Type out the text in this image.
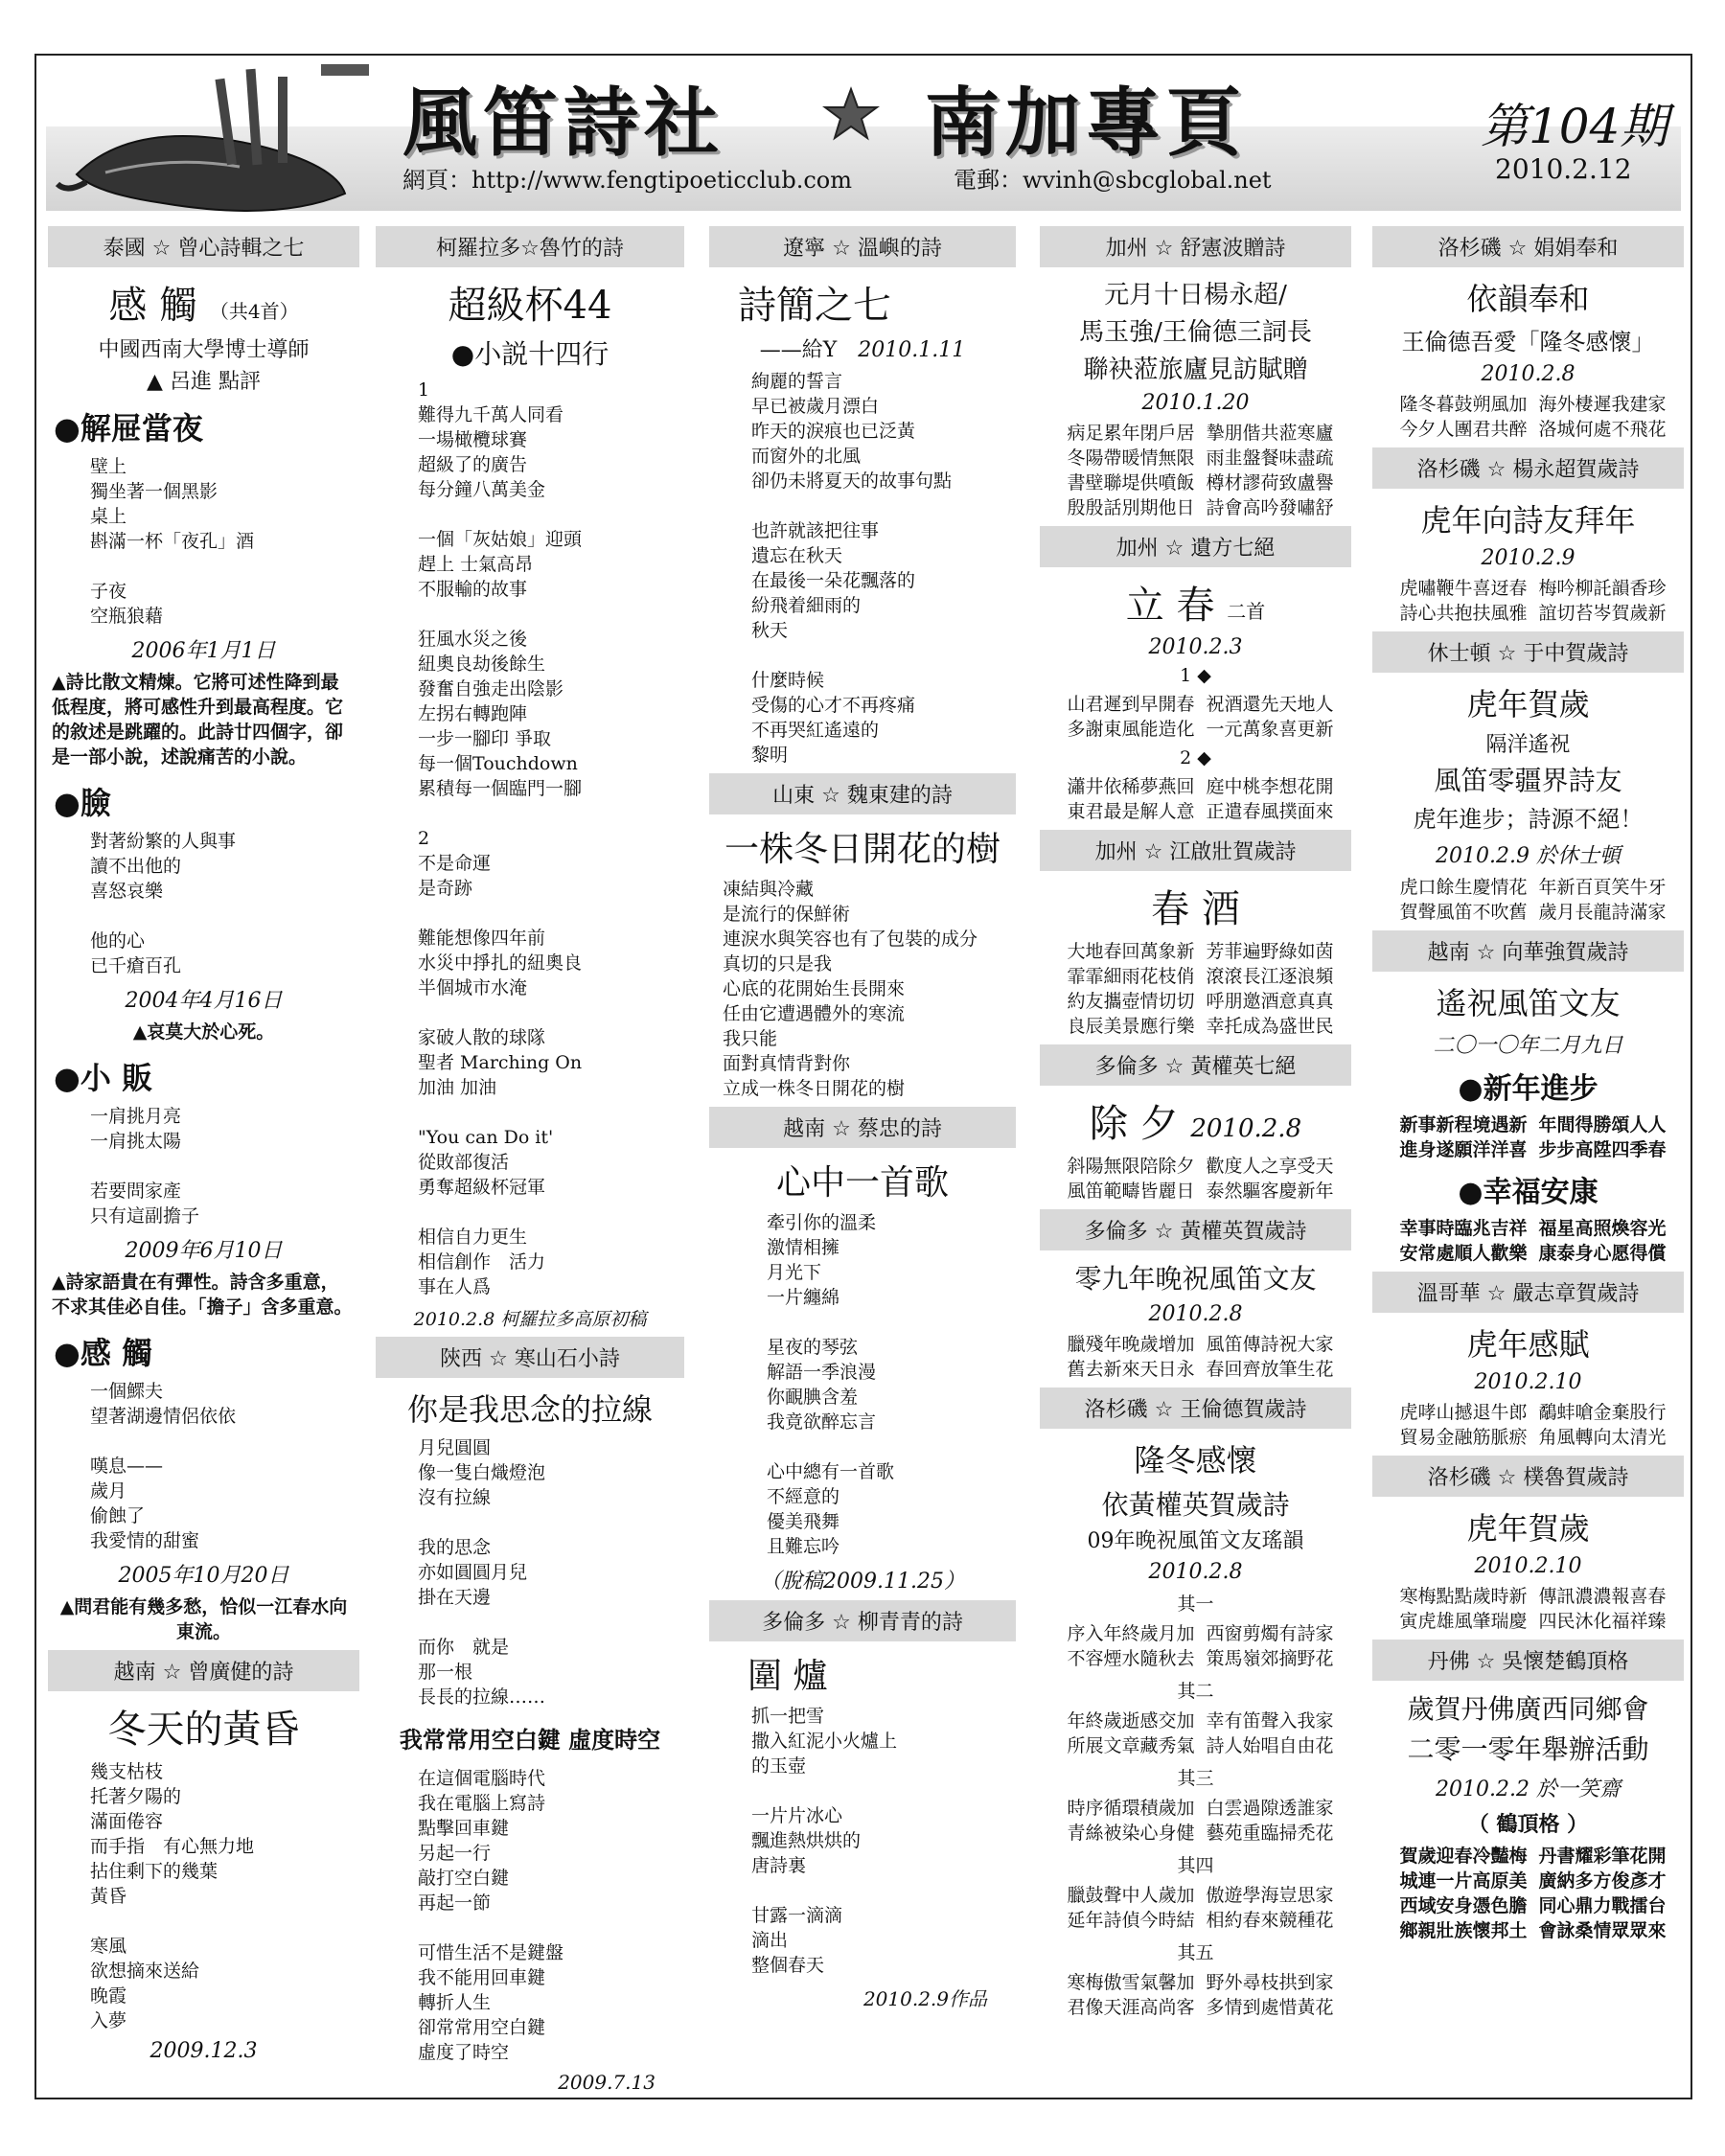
風笛詩社	南加專頁	第104期
2010.2.12
網頁：http://www.fengtipoeticclub.com	電郵：wvinh@sbcglobal.net
泰國 ☆ 曾心詩輯之七
感 觸 （共4首）
中國西南大學博士導師
▲ 呂進 點評
●解屉當夜
壁上
獨坐著一個黑影
桌上
斟滿一杯「夜孔」酒
子夜
空瓶狼藉
2006年1月1日
▲詩比散文精煉。它將可述性降到最低程度，將可感性升到最高程度。它的敘述是跳躍的。此詩廿四個字，卻是一部小說，述說痛苦的小說。
●臉
對著紛繁的人與事
讀不出他的
喜怒哀樂
他的心
已千瘡百孔
2004年4月16日
▲哀莫大於心死。
●小 販
一肩挑月亮
一肩挑太陽
若要問家產
只有這副擔子
2009年6月10日
▲詩家語貴在有彈性。詩含多重意，不求其佳必自佳。「擔子」含多重意。
●感 觸
一個鰥夫
望著湖邊情侶依依
嘆息——
歲月
偷蝕了
我愛情的甜蜜
2005年10月20日
▲問君能有幾多愁，恰似一江春水向東流。
越南 ☆ 曾廣健的詩
冬天的黃昏
幾支枯枝
托著夕陽的
滿面倦容
而手指　有心無力地
拈住剩下的幾葉
黃昏
寒風
欲想摘來送給
晚霞
入夢
2009.12.3
柯羅拉多☆魯竹的詩
超級杯44
●小説十四行
1
難得九千萬人同看
一場橄欖球賽
超級了的廣告
每分鐘八萬美金
一個「灰姑娘」迎頭
趕上 士氣高昂
不服輸的故事
狂風水災之後
紐奧良劫後餘生
發奮自強走出陰影
左拐右轉跑陣
一步一腳印 爭取
每一個Touchdown
累積每一個臨門一腳
2
不是命運
是奇跡
難能想像四年前
水災中掙扎的紐奧良
半個城市水淹
家破人散的球隊
聖者 Marching On
加油 加油
"You can Do it'
從敗部復活
勇奪超級杯冠軍
相信自力更生
相信創作　活力
事在人爲
2010.2.8 柯羅拉多高原初稿
陝西 ☆ 寒山石小詩
你是我思念的拉線
月兒圓圓
像一隻白熾燈泡
沒有拉線
我的思念
亦如圓圓月兒
掛在天邊
而你　就是
那一根
長長的拉線……
我常常用空白鍵 虛度時空
在這個電腦時代
我在電腦上寫詩
點擊回車鍵
另起一行
敲打空白鍵
再起一節
可惜生活不是鍵盤
我不能用回車鍵
轉折人生
卻常常用空白鍵
虛度了時空
2009.7.13
遼寧 ☆ 溫嶼的詩
詩簡之七
——給Y　 2010.1.11
絢麗的誓言
早已被歲月漂白
昨天的淚痕也已泛黃
而窗外的北風
卻仍未將夏天的故事句點
也許就該把往事
遺忘在秋天
在最後一朵花飄落的
紛飛着細雨的
秋天
什麼時候
受傷的心才不再疼痛
不再哭紅遙遠的
黎明
山東 ☆ 魏東建的詩
一株冬日開花的樹
凍結與冷藏
是流行的保鮮術
連淚水與笑容也有了包裝的成分
真切的只是我
心底的花開始生長開來
任由它遭遇體外的寒流
我只能
面對真情背對你
立成一株冬日開花的樹
越南 ☆ 蔡忠的詩
心中一首歌
牽引你的溫柔
激情相擁
月光下
一片纏綿
星夜的琴弦
解語一季浪漫
你靦腆含羞
我竟欲醉忘言
心中總有一首歌
不經意的
優美飛舞
且難忘吟
（脫稿2009.11.25）
多倫多 ☆ 柳青青的詩
圍 爐
抓一把雪
撒入紅泥小火爐上
的玉壺
一片片冰心
飄進熱烘烘的
唐詩裏
甘露一滴滴
滴出
整個春天
2010.2.9作品
加州 ☆ 舒憲波贈詩
元月十日楊永超/
馬玉強/王倫德三詞長
聯袂蒞旅廬見訪賦贈
2010.1.20
病足累年閉戶居 摯朋偕共蒞寒廬
冬陽帶暖情無限 雨韭盤餐味盡疏
書壁聯堤供噴飯 樽材謬荷致盧譽
殷殷話別期他日 詩會高吟發嘯舒
加州 ☆ 遺方七絕
立 春 二首
2010.2.3
1 ◆
山君遲到早開春 祝酒還先天地人
多謝東風能造化 一元萬象喜更新
2 ◆
瀟井依稀夢燕回 庭中桃李想花開
東君最是解人意 正遣春風撲面來
加州 ☆ 江啟壯賀歲詩
春 酒
大地春回萬象新 芳菲遍野綠如茵
霏霏細雨花枝俏 滾滾長江逐浪頻
約友攜壺情切切 呼朋邀酒意真真
良辰美景應行樂 幸托成為盛世民
多倫多 ☆ 黃權英七絕
除 夕 2010.2.8
斜陽無限陪除夕 歡度人之享受天
風笛範疇皆麗日 泰然驅客慶新年
多倫多 ☆ 黃權英賀歲詩
零九年晚祝風笛文友
2010.2.8
臘殘年晚歲增加 風笛傳詩祝大家
舊去新來天日永 春回齊放筆生花
洛杉磯 ☆ 王倫德賀歲詩
隆冬感懷
依黃權英賀歲詩
09年晚祝風笛文友瑤韻
2010.2.8
其一
序入年終歲月加 西窗剪燭有詩家
不容煙水隨秋去 策馬嶺郊摘野花
其二
年終歲逝感交加 幸有笛聲入我家
所展文章藏秀氣 詩人始唱自由花
其三
時序循環積歲加 白雲過隙透誰家
青絲被染心身健 藝苑重臨掃禿花
其四
臘鼓聲中人歲加 傲遊學海豈思家
延年詩偵今時結 相約春來競種花
其五
寒梅傲雪氣馨加 野外尋枝拱到家
君像天涯高尚客 多情到處惜黃花
洛杉磯 ☆ 娟娟奉和
依韻奉和
王倫德吾愛「隆冬感懷」
2010.2.8
隆冬暮鼓朔風加 海外棲遲我建家
今夕人團君共醉 洛城何處不飛花
洛杉磯 ☆ 楊永超賀歲詩
虎年向詩友拜年
2010.2.9
虎嘯鞭牛喜迓春 梅吟柳託韻香珍
詩心共抱扶風雅 誼切苔岑賀歲新
休士頓 ☆ 于中賀歲詩
虎年賀歲
隔洋遙祝
風笛零疆界詩友
虎年進步；詩源不絕！
2010.2.9 於休士頓
虎口餘生慶情花 年新百頁笑牛牙
賀聲風笛不吹舊 歲月長龍詩滿家
越南 ☆ 向華強賀歲詩
遙祝風笛文友
二〇一〇年二月九日
●新年進步
新事新程境遇新 年間得勝頌人人
進身遂願洋洋喜 步步高陞四季春
●幸福安康
幸事時臨兆吉祥 福星高照煥容光
安常處順人歡樂 康泰身心愿得償
溫哥華 ☆ 嚴志章賀歲詩
虎年感賦
2010.2.10
虎哮山撼退牛郎 鷸蚌嗆金棄股行
貿易金融筋脈瘀 角風轉向太清光
洛杉磯 ☆ 樸魯賀歲詩
虎年賀歲
2010.2.10
寒梅點點歲時新 傳訊濃濃報喜春
寅虎雄風肇瑞慶 四民沐化福祥臻
丹佛 ☆ 吳懷楚鶴頂格
歲賀丹佛廣西同鄉會
二零一零年舉辦活動
2010.2.2 於一笑齋
（ 鶴頂格 ）
賀歲迎春冷豔梅 丹書耀彩筆花開
城連一片高原美 廣納多方俊彥才
西域安身憑色膽 同心鼎力戰擂台
鄉親壯族懷邦土 會詠桑情眾眾來
